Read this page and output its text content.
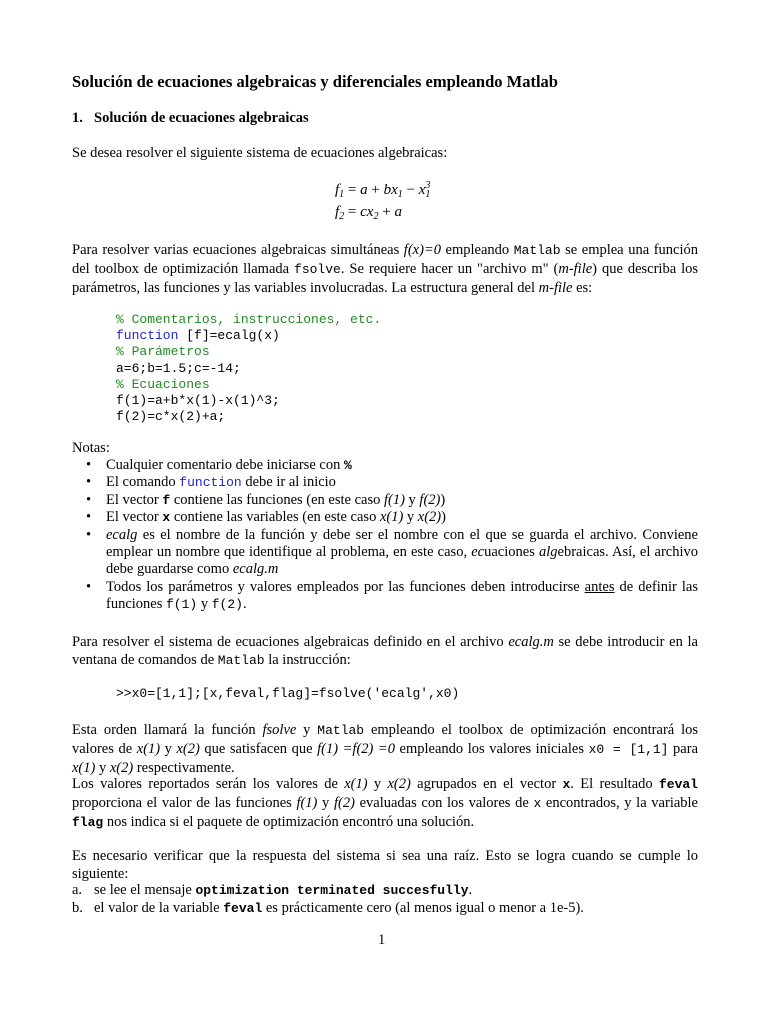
Solución de ecuaciones algebraicas y diferenciales empleando Matlab
1. Solución de ecuaciones algebraicas
Se desea resolver el siguiente sistema de ecuaciones algebraicas:
$f_1 = a + bx_1 - x_1^3$
$f_2 = cx_2 + a$
Para resolver varias ecuaciones algebraicas simultáneas f(x)=0 empleando Matlab se emplea una función del toolbox de optimización llamada fsolve. Se requiere hacer un "archivo m" (m-file) que describa los parámetros, las funciones y las variables involucradas. La estructura general del m-file es:
% Comentarios, instrucciones, etc.
function [f]=ecalg(x)
% Parámetros
a=6;b=1.5;c=-14;
% Ecuaciones
f(1)=a+b*x(1)-x(1)^3;
f(2)=c*x(2)+a;
Notas:
• Cualquier comentario debe iniciarse con %
• El comando function debe ir al inicio
• El vector f contiene las funciones (en este caso f(1) y f(2))
• El vector x contiene las variables (en este caso x(1) y x(2))
• ecalg es el nombre de la función y debe ser el nombre con el que se guarda el archivo. Conviene emplear un nombre que identifique al problema, en este caso, ecuaciones algebraicas. Así, el archivo debe guardarse como ecalg.m
• Todos los parámetros y valores empleados por las funciones deben introducirse antes de definir las funciones f(1) y f(2).
Para resolver el sistema de ecuaciones algebraicas definido en el archivo ecalg.m se debe introducir en la ventana de comandos de Matlab la instrucción:
>>x0=[1,1];[x,feval,flag]=fsolve('ecalg',x0)
Esta orden llamará la función fsolve y Matlab empleando el toolbox de optimización encontrará los valores de x(1) y x(2) que satisfacen que f(1) =f(2) =0 empleando los valores iniciales x0 = [1,1] para x(1) y x(2) respectivamente.
Los valores reportados serán los valores de x(1) y x(2) agrupados en el vector x. El resultado feval proporciona el valor de las funciones f(1) y f(2) evaluadas con los valores de x encontrados, y la variable flag nos indica si el paquete de optimización encontró una solución.
Es necesario verificar que la respuesta del sistema si sea una raíz. Esto se logra cuando se cumple lo siguiente:
a. se lee el mensaje optimization terminated succesfully.
b. el valor de la variable feval es prácticamente cero (al menos igual o menor a 1e-5).
1
